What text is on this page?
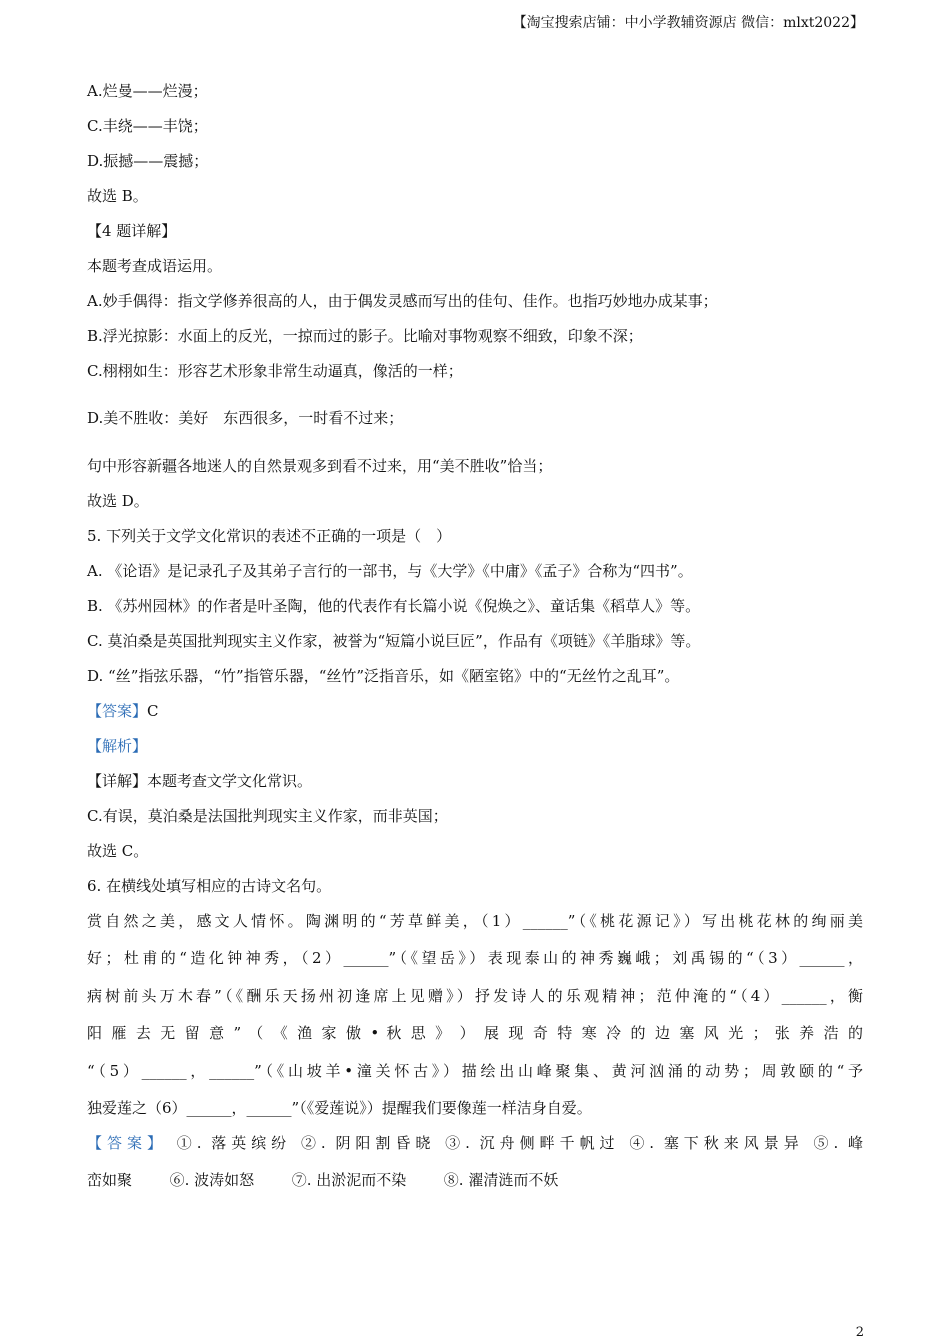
【淘宝搜索店铺：中小学教辅资源店 微信：mlxt2022】
A.烂曼——烂漫；
C.丰绕——丰饶；
D.振撼——震撼；
故选 B。
【4 题详解】
本题考查成语运用。
A.妙手偶得：指文学修养很高的人，由于偶发灵感而写出的佳句、佳作。也指巧妙地办成某事；
B.浮光掠影：水面上的反光，一掠而过的影子。比喻对事物观察不细致，印象不深；
C.栩栩如生：形容艺术形象非常生动逼真，像活的一样；
D.美不胜收：美好　东西很多，一时看不过来；
句中形容新疆各地迷人的自然景观多到看不过来，用“美不胜收”恰当；
故选 D。
5. 下列关于文学文化常识的表述不正确的一项是（　）
A. 《论语》是记录孔子及其弟子言行的一部书，与《大学》《中庸》《孟子》合称为“四书”。
B. 《苏州园林》的作者是叶圣陶，他的代表作有长篇小说《倪焕之》、童话集《稻草人》等。
C. 莫泊桑是英国批判现实主义作家，被誉为“短篇小说巨匠”，作品有《项链》《羊脂球》等。
D. “丝”指弦乐器，“竹”指管乐器，“丝竹”泛指音乐，如《陋室铭》中的“无丝竹之乱耳”。
【答案】C
【解析】
【详解】本题考查文学文化常识。
C.有误，莫泊桑是法国批判现实主义作家，而非英国；
故选 C。
6. 在横线处填写相应的古诗文名句。
赏自然之美，感文人情怀。陶渊明的“芳草鲜美，（1）______”（《桃花源记》）写出桃花林的绚丽美
好；杜甫的“造化钟神秀，（2）______”（《望岳》）表现泰山的神秀巍峨；刘禹锡的“（3）______，
病树前头万木春”（《酬乐天扬州初逢席上见赠》）抒发诗人的乐观精神；范仲淹的“（4）______，衡
阳 雁 去 无 留 意 ” （ 《 渔 家 傲 • 秋 思 》 ） 展 现 奇 特 寒 冷 的 边 塞 风 光 ； 张 养 浩 的
“（5）______，______”（《山坡羊•潼关怀古》）描绘出山峰聚集、黄河汹涌的动势；周敦颐的“予
独爱莲之（6）______，______”（《爱莲说》）提醒我们要像莲一样洁身自爱。
【答案】 ①. 落英缤纷 ②. 阴阳割昏晓 ③. 沉舟侧畔千帆过 ④. 塞下秋来风景异 ⑤. 峰
峦如聚	⑥. 波涛如怒	⑦. 出淤泥而不染	⑧. 濯清涟而不妖
2
